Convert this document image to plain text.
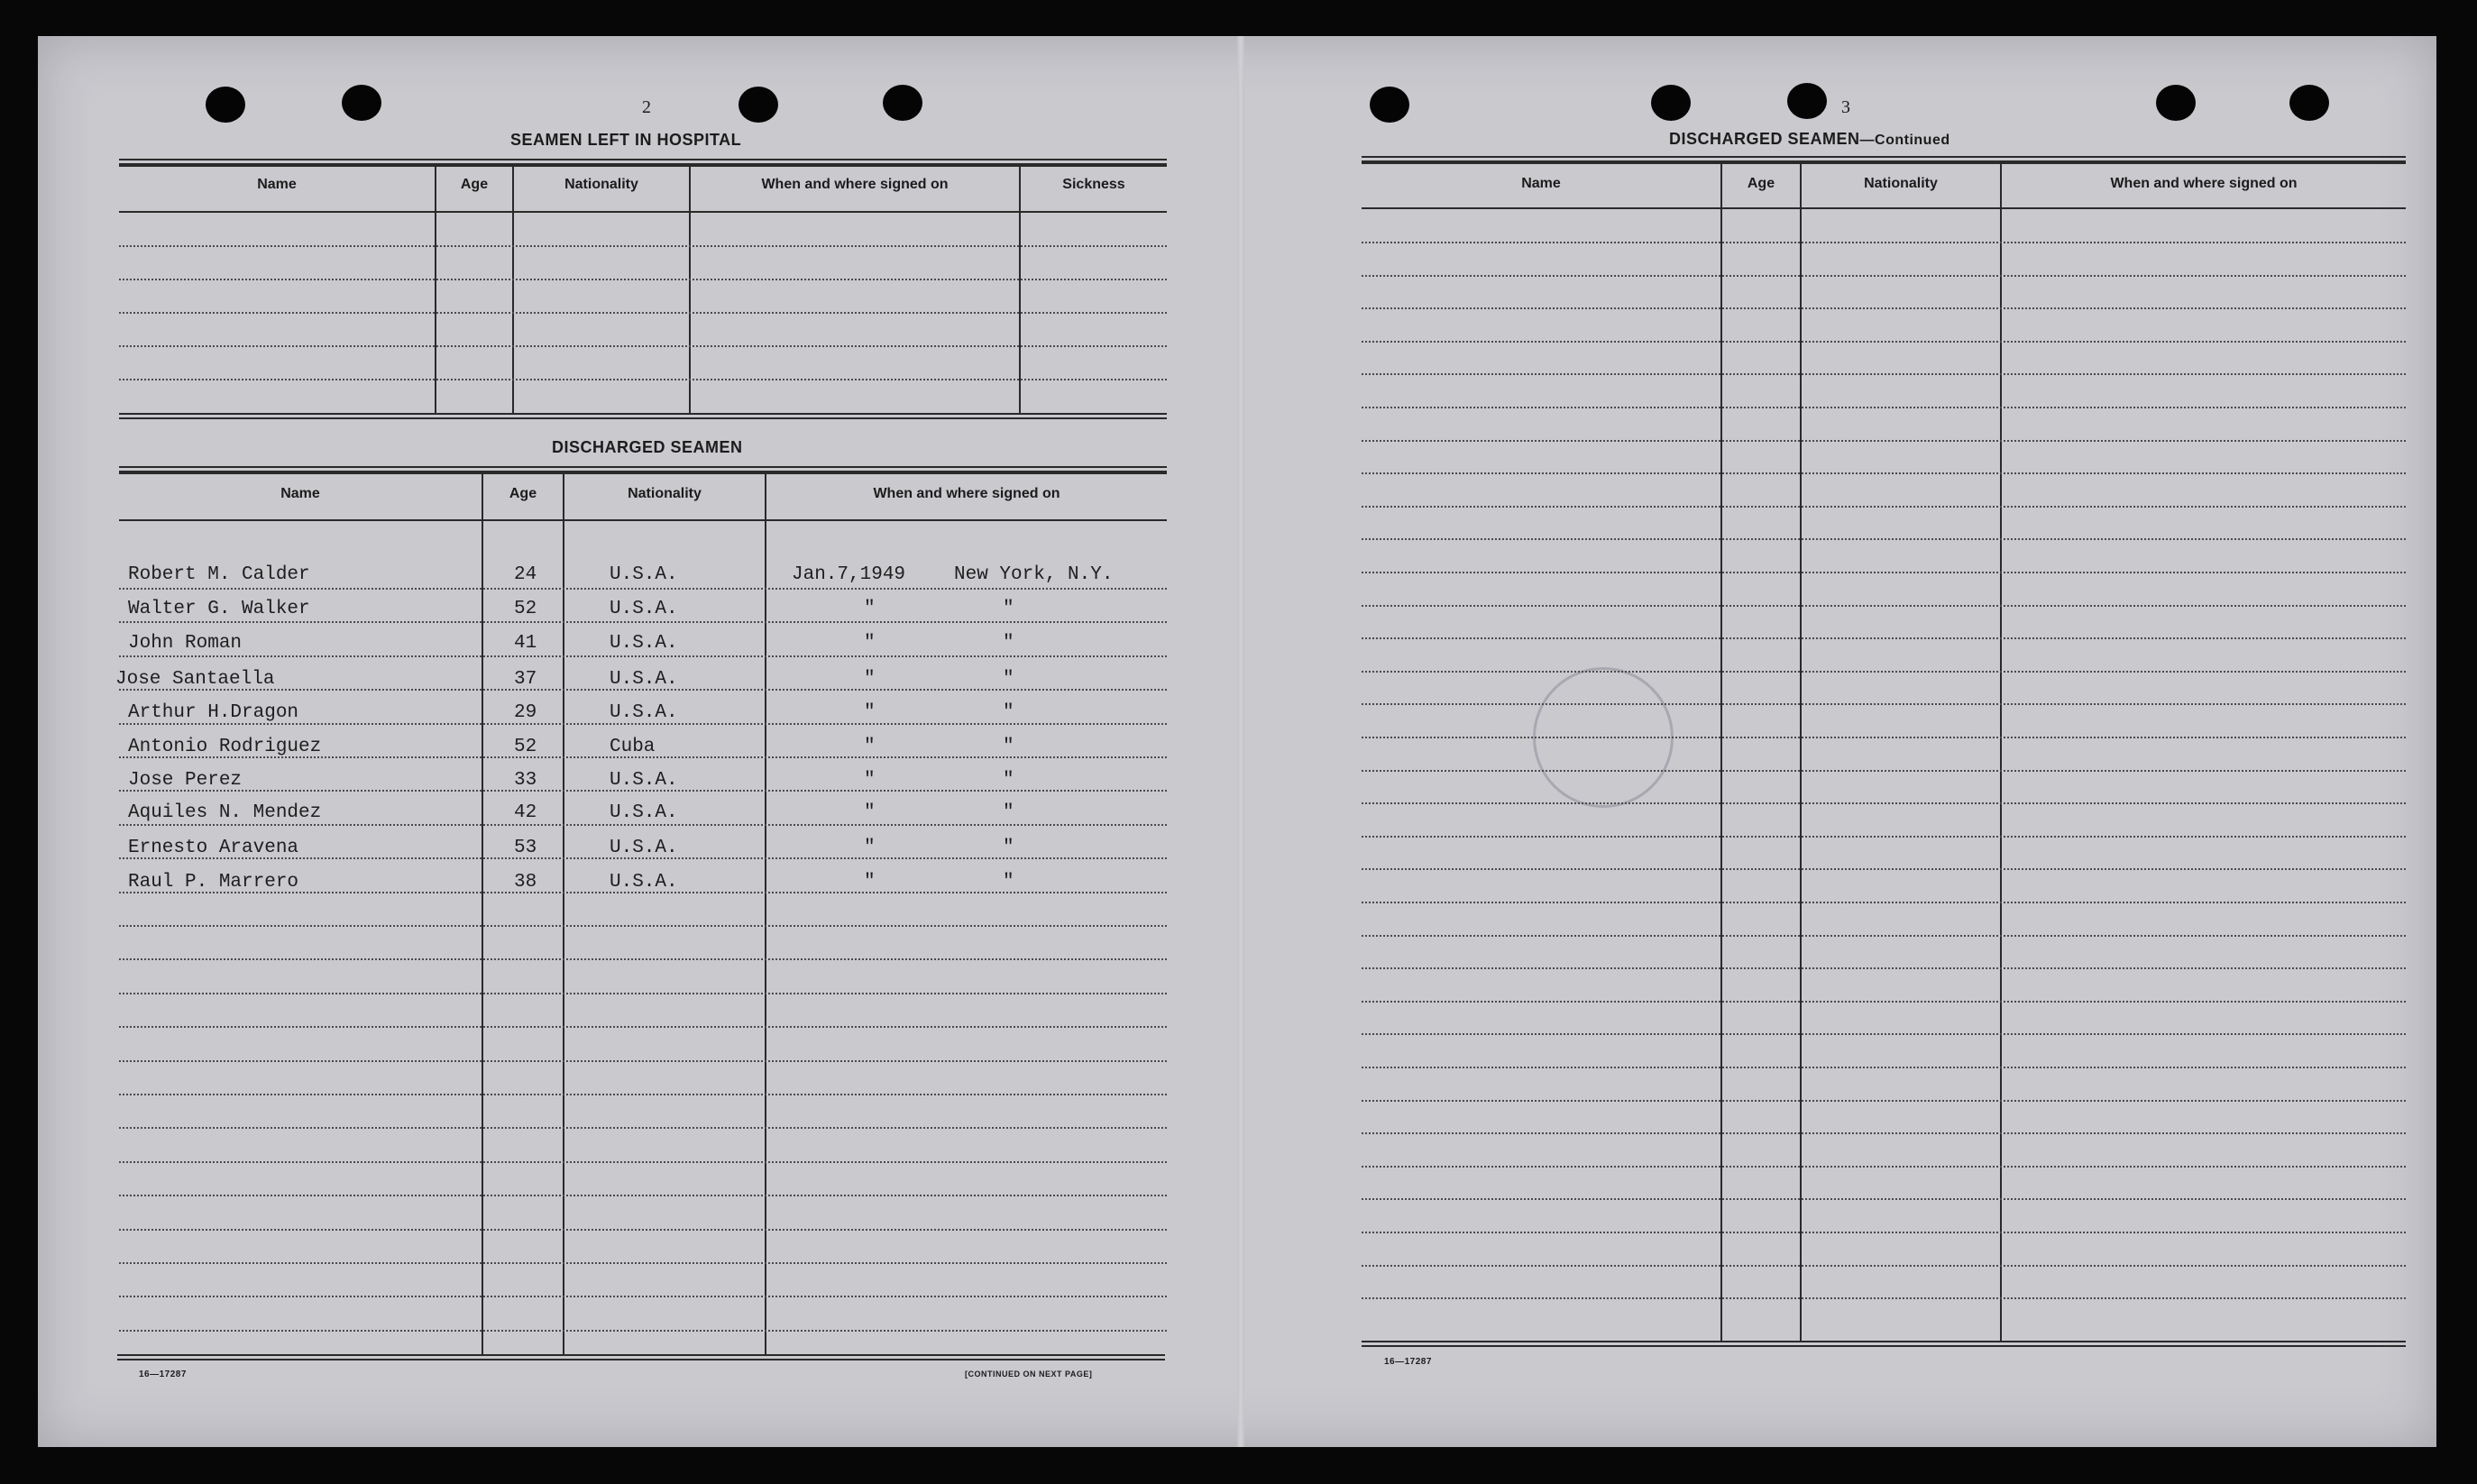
2
SEAMEN LEFT IN HOSPITAL
Name	Age	Nationality	When and where signed on	Sickness
DISCHARGED SEAMEN
Name	Age	Nationality	When and where signed on
Robert M. Calder	24	U.S.A.	Jan.7,1949	New York, N.Y.
Walter G. Walker	52	U.S.A.	"	"
John Roman	41	U.S.A.	"	"
Jose Santaella	37	U.S.A.	"	"
Arthur H.Dragon	29	U.S.A.	"	"
Antonio Rodriguez	52	Cuba	"	"
Jose Perez	33	U.S.A.	"	"
Aquiles N. Mendez	42	U.S.A.	"	"
Ernesto Aravena	53	U.S.A.	"	"
Raul P. Marrero	38	U.S.A.	"	"
16—17287	[CONTINUED ON NEXT PAGE]
3
DISCHARGED SEAMEN—Continued
Name	Age	Nationality	When and where signed on
16—17287
